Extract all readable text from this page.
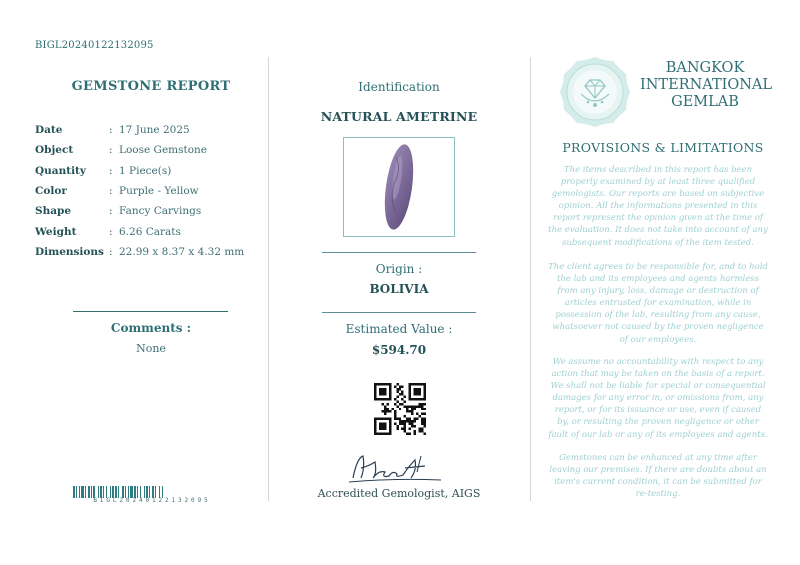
BIGL20240122132095
GEMSTONE REPORT
Date	: 17 June 2025
Object	: Loose Gemstone
Quantity	: 1 Piece(s)
Color	: Purple - Yellow
Shape	: Fancy Carvings
Weight	: 6.26 Carats
Dimensions : 22.99 x 8.37 x 4.32 mm
Comments :
None
BIGL20240122132095
Identification
NATURAL AMETRINE
Origin :
BOLIVIA
Estimated Value :
$594.70
Accredited Gemologist, AIGS
BANGKOK
INTERNATIONAL
GEMLAB
PROVISIONS & LIMITATIONS
The items described in this report has been properly examined by at least three qualified gemologists. Our reports are based on subjective opinion. All the informations presented in this report represent the opinion given at the time of the evaluation. It does not take into account of any subsequent modifications of the item tested.
The client agrees to be responsible for, and to hold the lab and its employees and agents harmless from any injury, loss, damage or destruction of articles entrusted for examination, while in possession of the lab, resulting from any cause, whatsoever not caused by the proven negligence of our employees.
We assume no accountability with respect to any action that may be taken on the basis of a report. We shall not be liable for special or consequential damages for any error in, or omissions from, any report, or for its issuance or use, even if caused by, or resulting the proven negligence or other fault of our lab or any of its employees and agents.
Gemstones can be enhanced at any time after leaving our premises. If there are doubts about an item's current condition, it can be submitted for re-testing.
